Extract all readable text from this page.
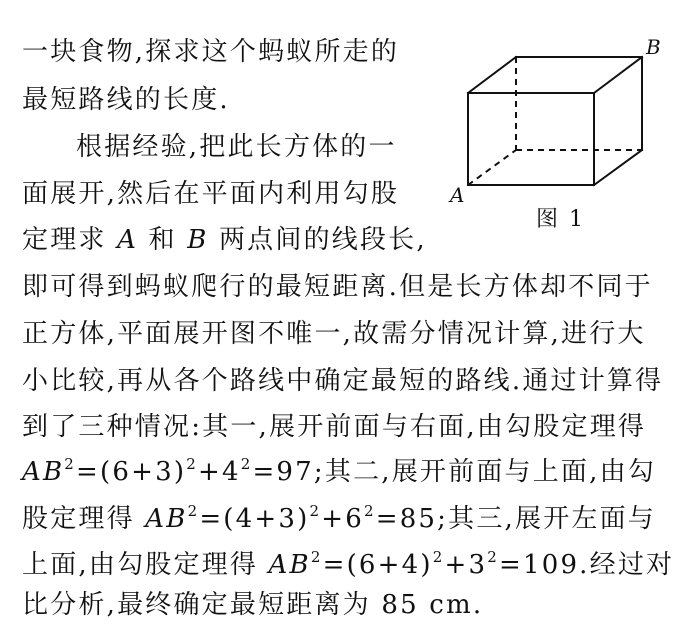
一块食物,探求这个蚂蚁所走的
最短路线的长度.
根据经验,把此长方体的一
面展开,然后在平面内利用勾股
定理求 A 和 B 两点间的线段长,
即可得到蚂蚁爬行的最短距离.但是长方体却不同于
正方体,平面展开图不唯一,故需分情况计算,进行大
小比较,再从各个路线中确定最短的路线.通过计算得
到了三种情况:其一,展开前面与右面,由勾股定理得
$AB^2=(6+3)^2+4^2=97$;其二,展开前面与上面,由勾
股定理得 $AB^2=(4+3)^2+6^2=85$;其三,展开左面与
上面,由勾股定理得 $AB^2=(6+4)^2+3^2=109$.经过对
比分析,最终确定最短距离为 85 cm.
A
B
图 1
